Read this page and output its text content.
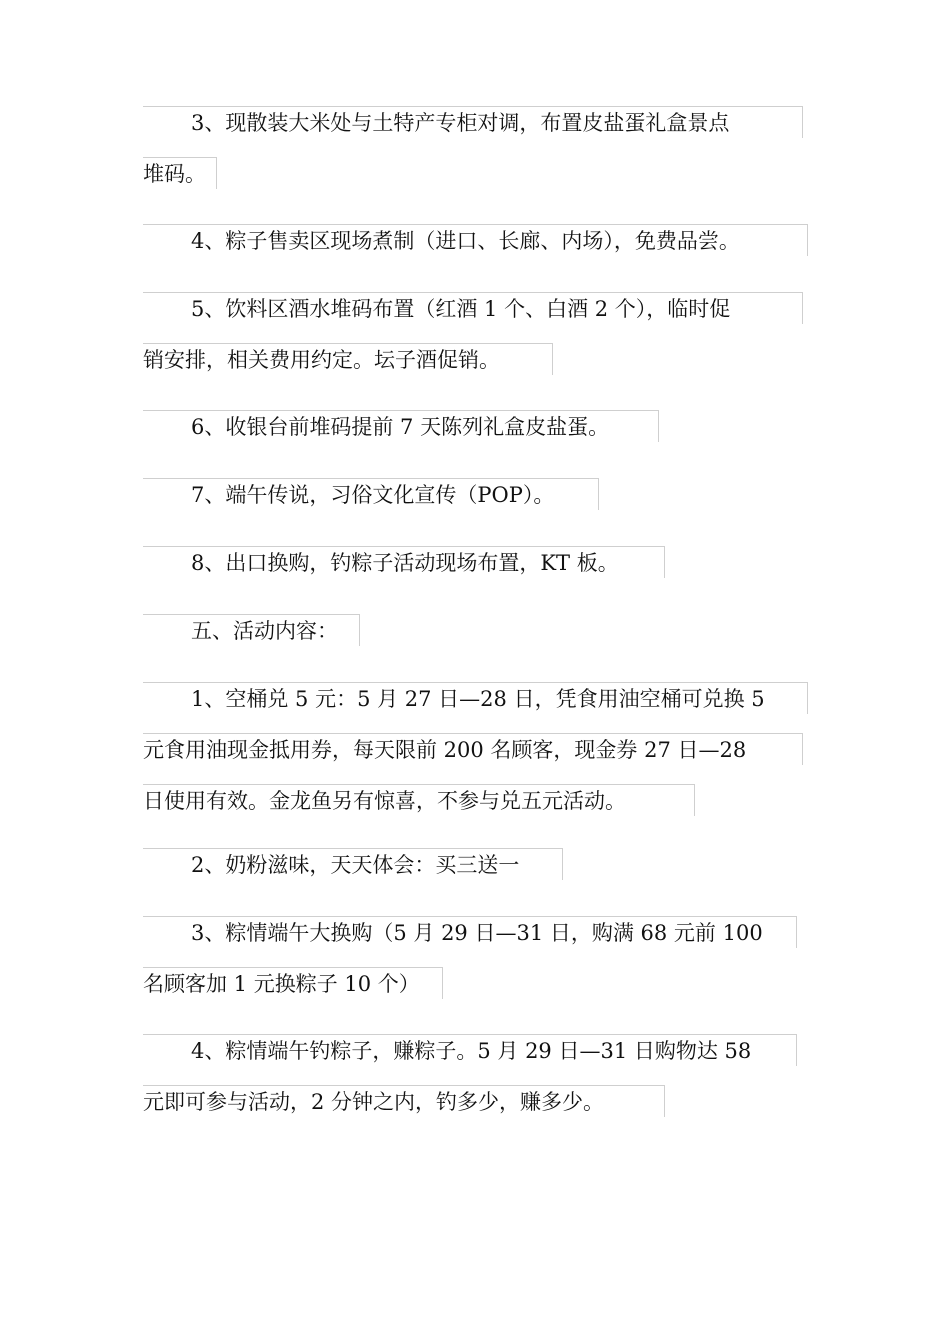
3、现散装大米处与土特产专柜对调，布置皮盐蛋礼盒景点
堆码。
4、粽子售卖区现场煮制（进口、长廊、内场），免费品尝。
5、饮料区酒水堆码布置（红酒 1 个、白酒 2 个），临时促
销安排，相关费用约定。坛子酒促销。
6、收银台前堆码提前 7 天陈列礼盒皮盐蛋。
7、端午传说，习俗文化宣传（POP）。
8、出口换购，钓粽子活动现场布置，KT 板。
五、活动内容：
1、空桶兑 5 元：5 月 27 日—28 日，凭食用油空桶可兑换 5
元食用油现金抵用券，每天限前 200 名顾客，现金券 27 日—28
日使用有效。金龙鱼另有惊喜，不参与兑五元活动。
2、奶粉滋味，天天体会：买三送一
3、粽情端午大换购（5 月 29 日—31 日，购满 68 元前 100
名顾客加 1 元换粽子 10 个）
4、粽情端午钓粽子，赚粽子。5 月 29 日—31 日购物达 58
元即可参与活动，2 分钟之内，钓多少，赚多少。
